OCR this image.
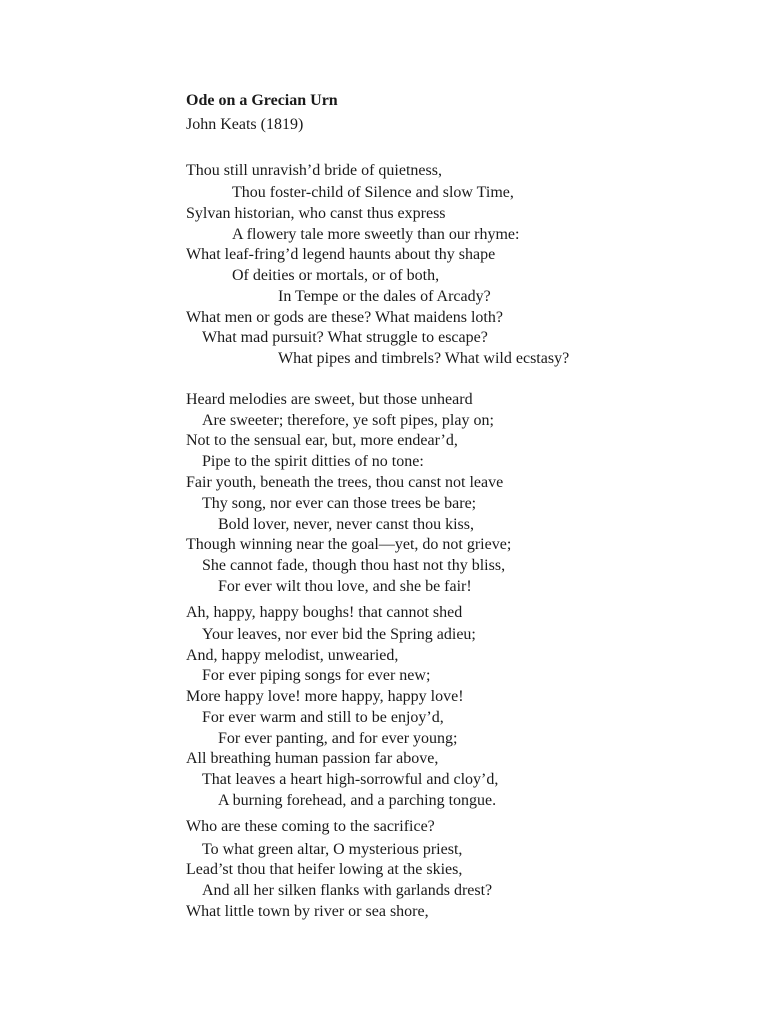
Ode on a Grecian Urn
John Keats (1819)
Thou still unravish’d bride of quietness,
Thou foster-child of Silence and slow Time,
Sylvan historian, who canst thus express
A flowery tale more sweetly than our rhyme:
What leaf-fring’d legend haunts about thy shape
Of deities or mortals, or of both,
In Tempe or the dales of Arcady?
What men or gods are these? What maidens loth?
What mad pursuit? What struggle to escape?
What pipes and timbrels? What wild ecstasy?
Heard melodies are sweet, but those unheard
Are sweeter; therefore, ye soft pipes, play on;
Not to the sensual ear, but, more endear’d,
Pipe to the spirit ditties of no tone:
Fair youth, beneath the trees, thou canst not leave
Thy song, nor ever can those trees be bare;
Bold lover, never, never canst thou kiss,
Though winning near the goal—yet, do not grieve;
She cannot fade, though thou hast not thy bliss,
For ever wilt thou love, and she be fair!
Ah, happy, happy boughs! that cannot shed
Your leaves, nor ever bid the Spring adieu;
And, happy melodist, unwearied,
For ever piping songs for ever new;
More happy love! more happy, happy love!
For ever warm and still to be enjoy’d,
For ever panting, and for ever young;
All breathing human passion far above,
That leaves a heart high-sorrowful and cloy’d,
A burning forehead, and a parching tongue.
Who are these coming to the sacrifice?
To what green altar, O mysterious priest,
Lead’st thou that heifer lowing at the skies,
And all her silken flanks with garlands drest?
What little town by river or sea shore,
